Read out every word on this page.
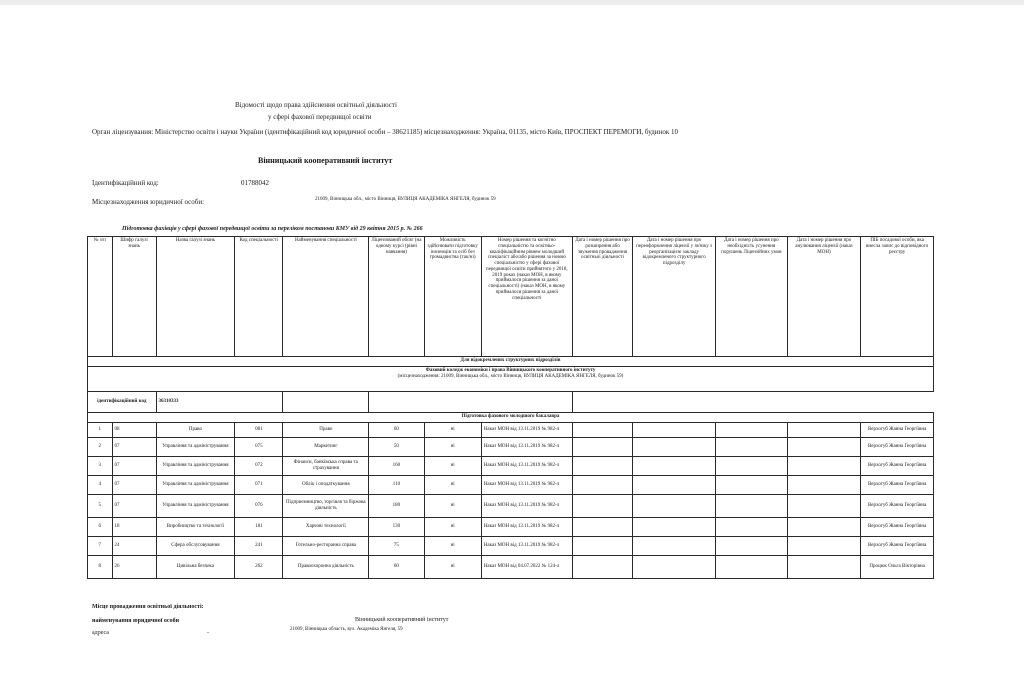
Відомості щодо права здійснення освітньої діяльності
у сфері фахової передвищої освіти
Орган ліцензування: Міністерство освіти і науки України (ідентифікаційний код юридичної особи – 38621185) місцезнаходження: Україна, 01135, місто Київ, ПРОСПЕКТ ПЕРЕМОГИ, будинок 10
Вінницький кооперативний інститут
Ідентифікаційний код:	01788042
Місцезнаходження юридичної особи:	21009, Вінницька обл., місто Вінниця, ВУЛИЦЯ АКАДЕМІКА ЯНГЕЛЯ, будинок 59
Підготовка фахівців у сфері фахової передвищої освіти за переліком постанови КМУ від 29 квітня 2015 р. № 266
№ з/п	Шифр галузі знань	Назва галузі знань	Код спеціальності	Найменування спеціальності	Ліцензований обсяг (на одному курсі (рівні навчання)	Можливість здійснювати підготовку іноземців та осіб без громадянства (так/ні)	Номер рішення та когнітно спеціальністю та освітньо-кваліфікаційним рівнем молодший спеціаліст або/або рішення за новою спеціальністю у сфері фахової передвищої освіти прийнятого у 2018, 2019 роках (наказ МОН, в якому приймалося рішення за даної спеціальності) (наказ МОН, в якому приймалося рішення за даної спеціальності	Дата і номер рішення про розширення або звуження провадження освітньої діяльності	Дата і номер рішення про переоформлення ліцензії у зв'язку з реорганізацією закладу відокремленого структурного підрозділу	Дата і номер рішення про необхідність усунення порушень Ліцензійних умов	Дата і номер рішення про анулювання ліцензії (наказ МОН)	ПІБ посадової особи, яка внесла запис до відповідного реєстру
Для відокремлених структурних підрозділів												

Фаховий коледж економіки і права Вінницького кооперативного інституту
(місцезнаходження: 21009, Вінницька обл., місто Вінниця, ВУЛИЦЯ АКАДЕМІКА ЯНГЕЛЯ, будинок 59)												

ідентифікаційний код		36310333										
Підготовка фахового молодшого бакалавра												
1	08	Право	081	Право	60	ні	Наказ МОН від 13.11.2019 № 982-л					Верхогуб Жанна Георгіївна
2	07	Управління та адміністрування	075	Маркетинг	50	ні	Наказ МОН від 13.11.2019 № 982-л					Верхогуб Жанна Георгіївна
3	07	Управління та адміністрування	072	Фінанси, банківська справа та страхування	160	ні	Наказ МОН від 13.11.2019 № 982-л					Верхогуб Жанна Георгіївна
4	07	Управління та адміністрування	071	Облік і оподаткування	110	ні	Наказ МОН від 13.11.2019 № 982-л					Верхогуб Жанна Георгіївна
5	07	Управління та адміністрування	076	Підприємництво, торгівля та біржова діяльність	180	ні	Наказ МОН від 13.11.2019 № 982-л					Верхогуб Жанна Георгіївна
6	18	Виробництво та технології	181	Харчові технології	130	ні	Наказ МОН від 13.11.2019 № 982-л					Верхогуб Жанна Георгіївна
7	24	Сфера обслуговування	241	Готельно-ресторанна справа	75	ні	Наказ МОН від 13.11.2019 № 982-л					Верхогуб Жанна Георгіївна
8	26	Цивільна безпека	262	Правоохоронна діяльність	60	ні	Наказ МОН від 04.07.2022 № 124-л					Процюк Ольга Вікторівна
Місце провадження освітньої діяльності:
найменування юридичної особи
адреса	-
Вінницький кооперативний інститут
21009, Вінницька область, вул. Академіка Янгеля, 59
